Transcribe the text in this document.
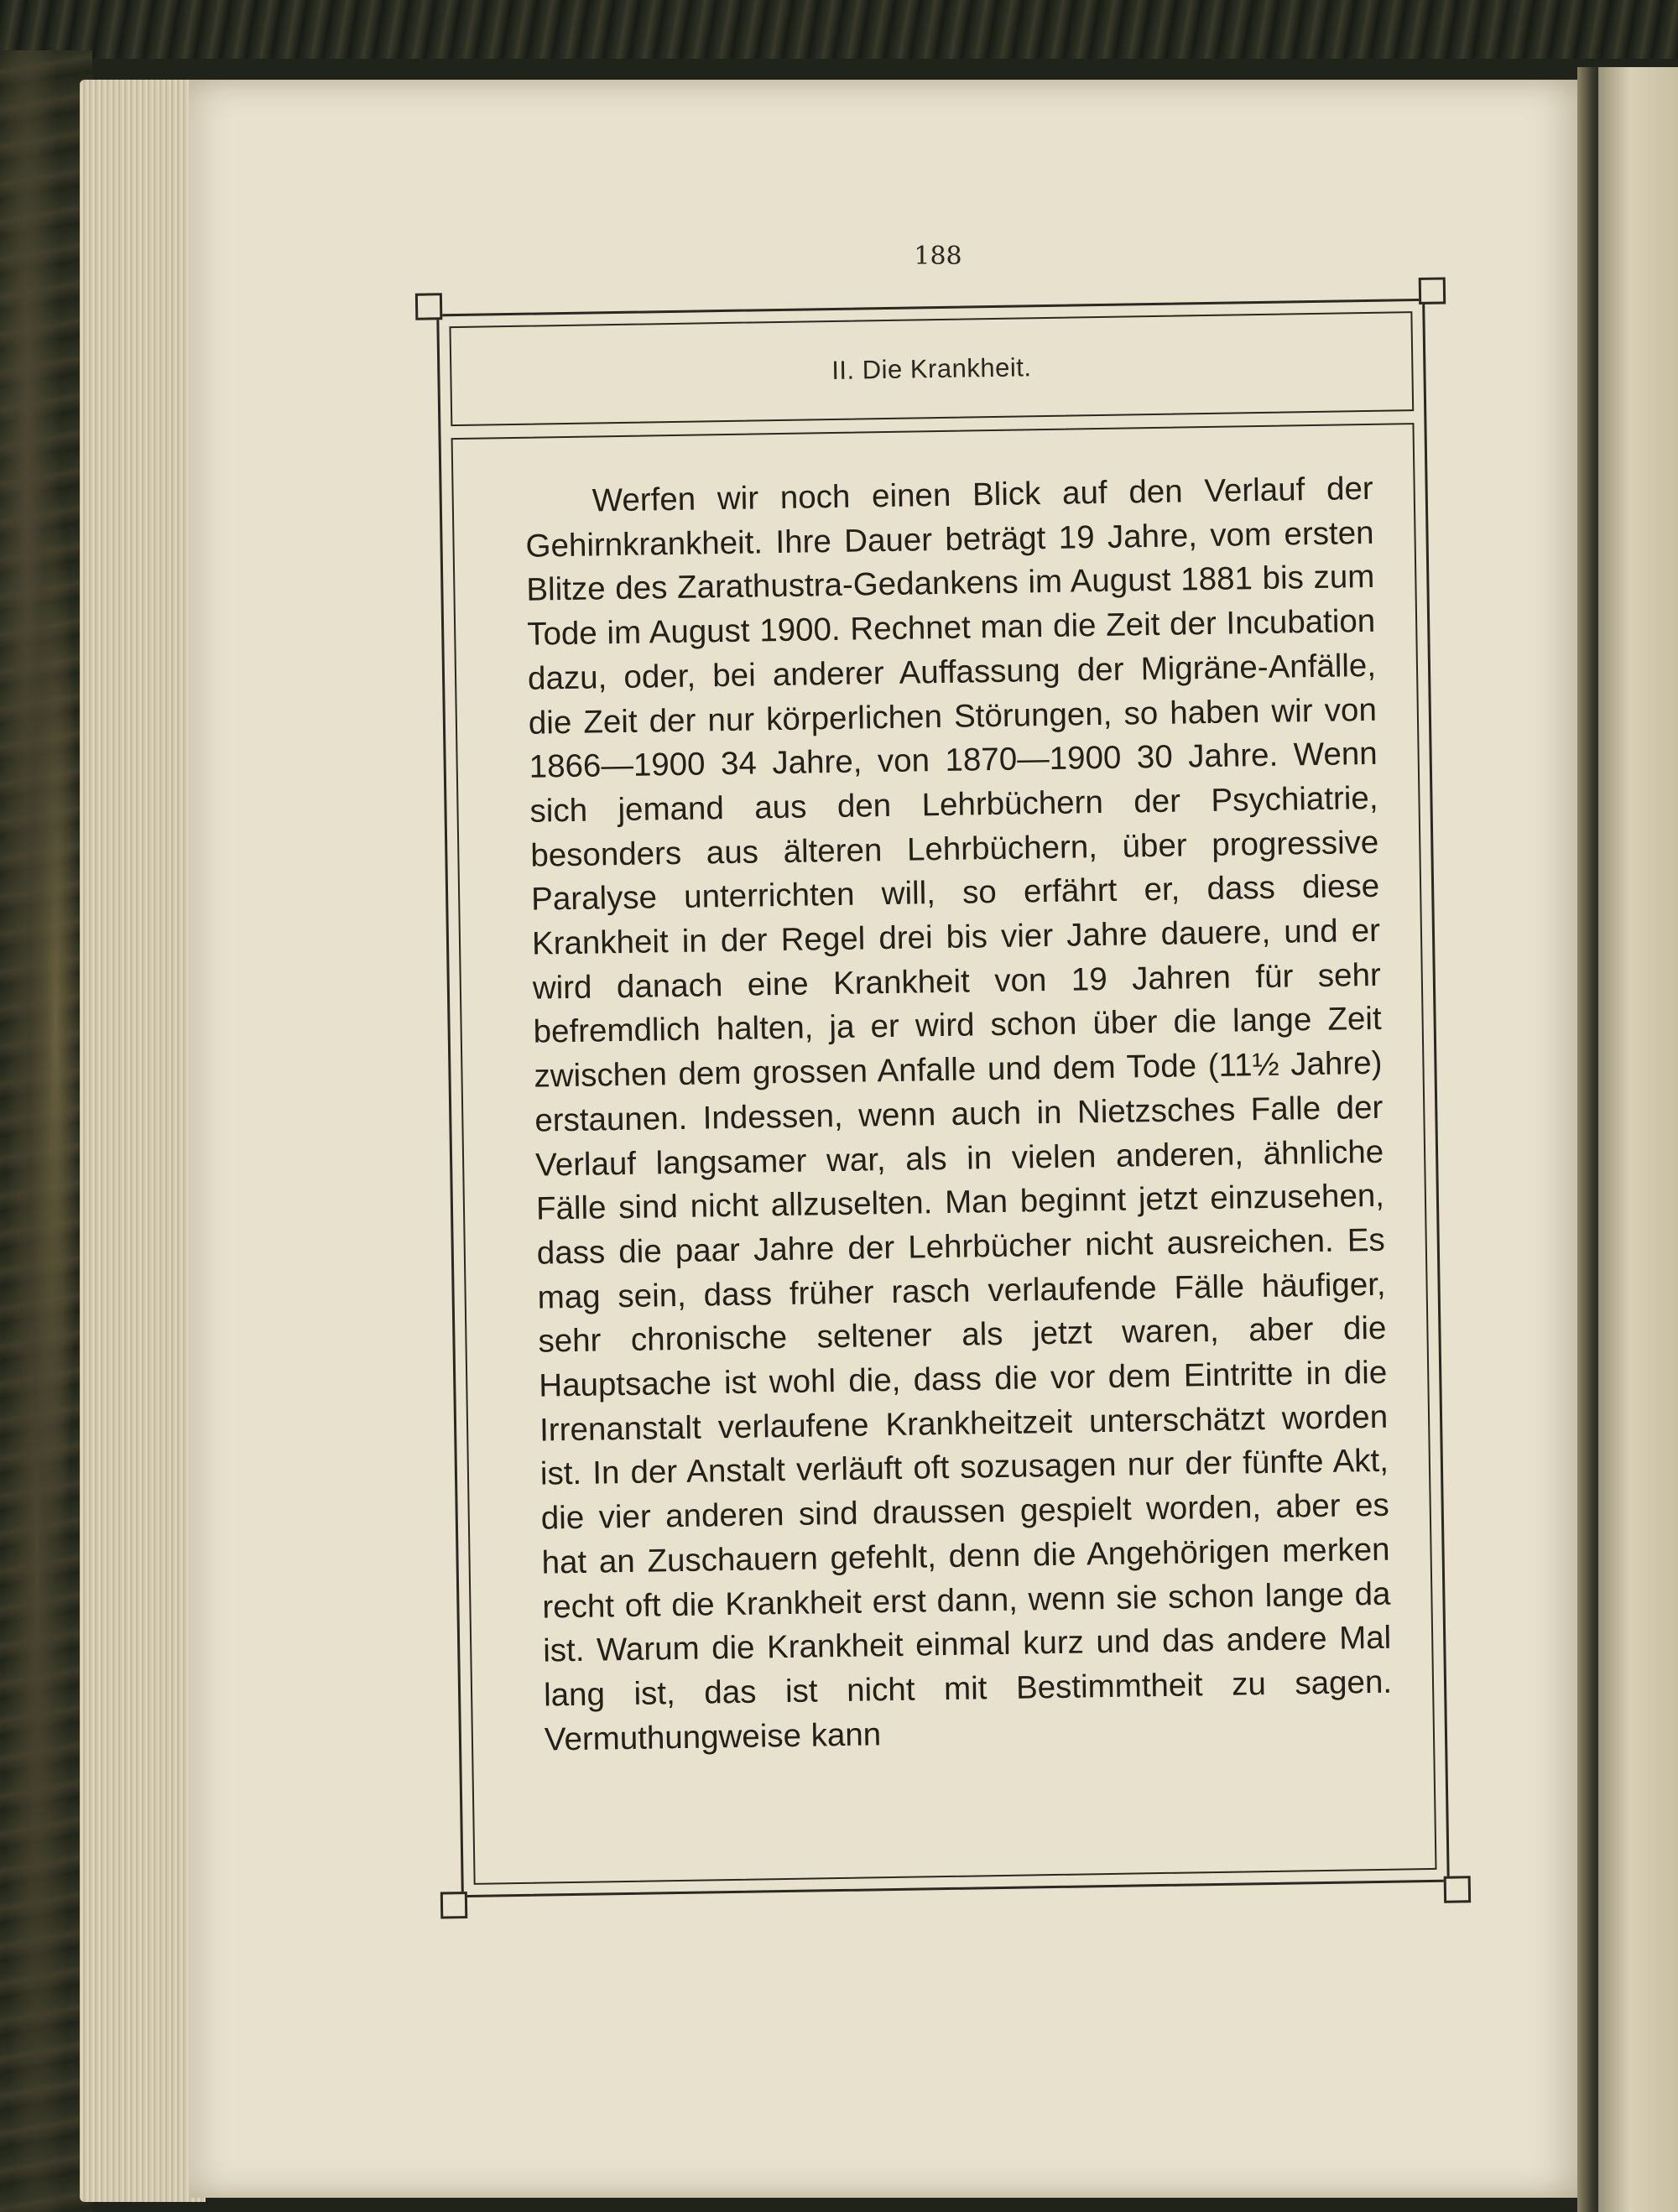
188
II. Die Krankheit.
Werfen wir noch einen Blick auf den Verlauf der Gehirnkrankheit. Ihre Dauer beträgt 19 Jahre, vom ersten Blitze des Zarathustra-Gedankens im August 1881 bis zum Tode im August 1900. Rechnet man die Zeit der Incubation dazu, oder, bei anderer Auffassung der Migräne-Anfälle, die Zeit der nur körperlichen Störungen, so haben wir von 1866—1900 34 Jahre, von 1870—1900 30 Jahre. Wenn sich jemand aus den Lehrbüchern der Psychiatrie, besonders aus älteren Lehrbüchern, über progressive Paralyse unterrichten will, so erfährt er, dass diese Krankheit in der Regel drei bis vier Jahre dauere, und er wird danach eine Krankheit von 19 Jahren für sehr befremdlich halten, ja er wird schon über die lange Zeit zwischen dem grossen Anfalle und dem Tode (11½ Jahre) erstaunen. Indessen, wenn auch in Nietzsches Falle der Verlauf langsamer war, als in vielen anderen, ähnliche Fälle sind nicht allzuselten. Man beginnt jetzt einzusehen, dass die paar Jahre der Lehrbücher nicht ausreichen. Es mag sein, dass früher rasch verlaufende Fälle häufiger, sehr chronische seltener als jetzt waren, aber die Hauptsache ist wohl die, dass die vor dem Eintritte in die Irrenanstalt verlaufene Krankheitzeit unterschätzt worden ist. In der Anstalt verläuft oft sozusagen nur der fünfte Akt, die vier anderen sind draussen gespielt worden, aber es hat an Zuschauern gefehlt, denn die Angehörigen merken recht oft die Krankheit erst dann, wenn sie schon lange da ist. Warum die Krankheit einmal kurz und das andere Mal lang ist, das ist nicht mit Bestimmtheit zu sagen. Vermuthungweise kann
